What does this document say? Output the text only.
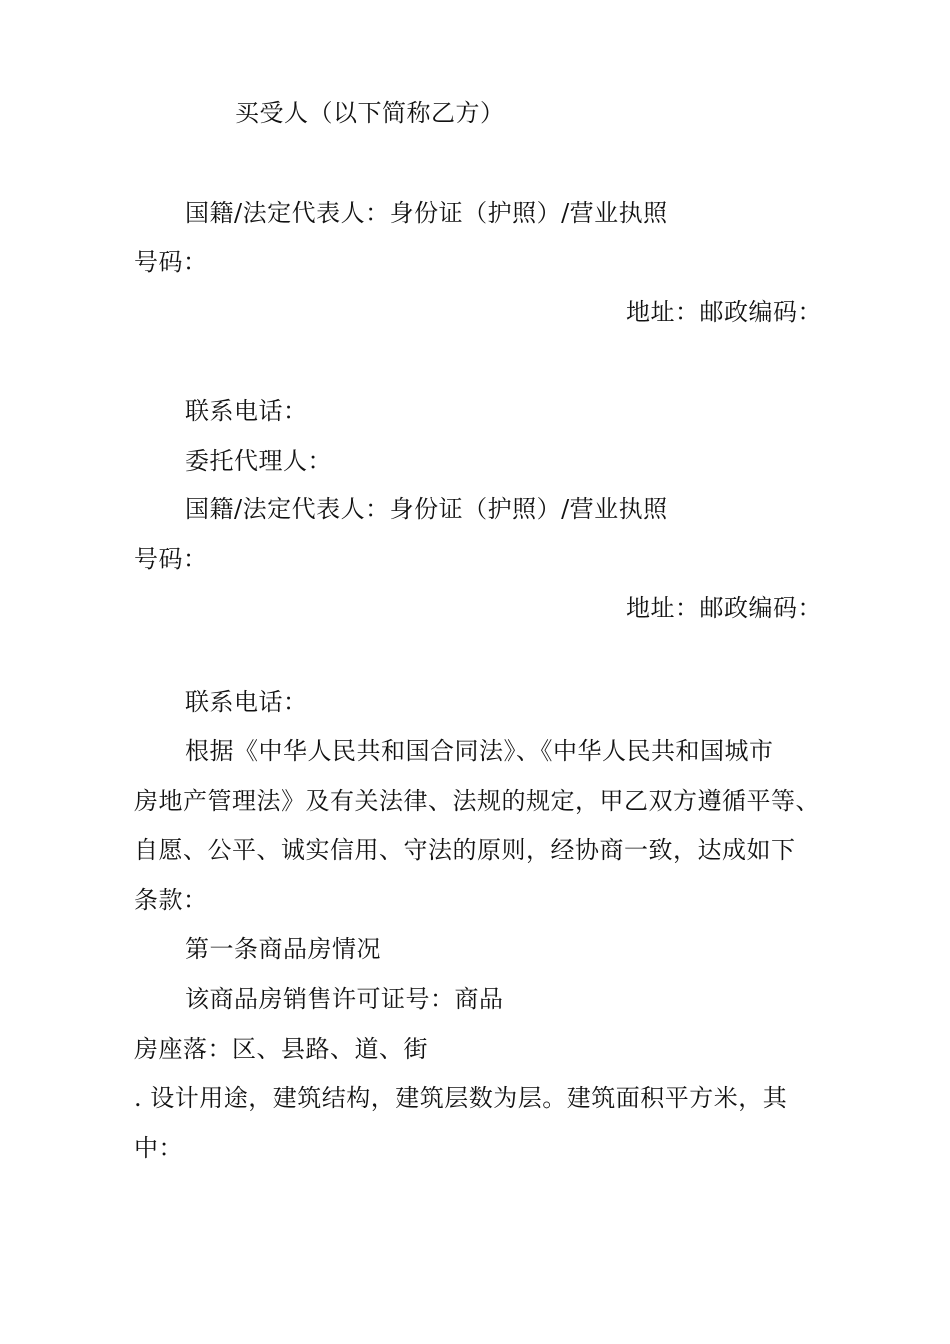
买受人（以下简称乙方）
国籍/法定代表人：身份证（护照）/营业执照
号码：
地址：邮政编码：
联系电话：
委托代理人：
国籍/法定代表人：身份证（护照）/营业执照
号码：
地址：邮政编码：
联系电话：
根据《中华人民共和国合同法》、《中华人民共和国城市
房地产管理法》及有关法律、法规的规定，甲乙双方遵循平等、
自愿、公平、诚实信用、守法的原则，经协商一致，达成如下
条款：
第一条商品房情况
该商品房销售许可证号：商品
房座落：区、县路、道、街
. 设计用途，建筑结构，建筑层数为层。建筑面积平方米，其
中：
